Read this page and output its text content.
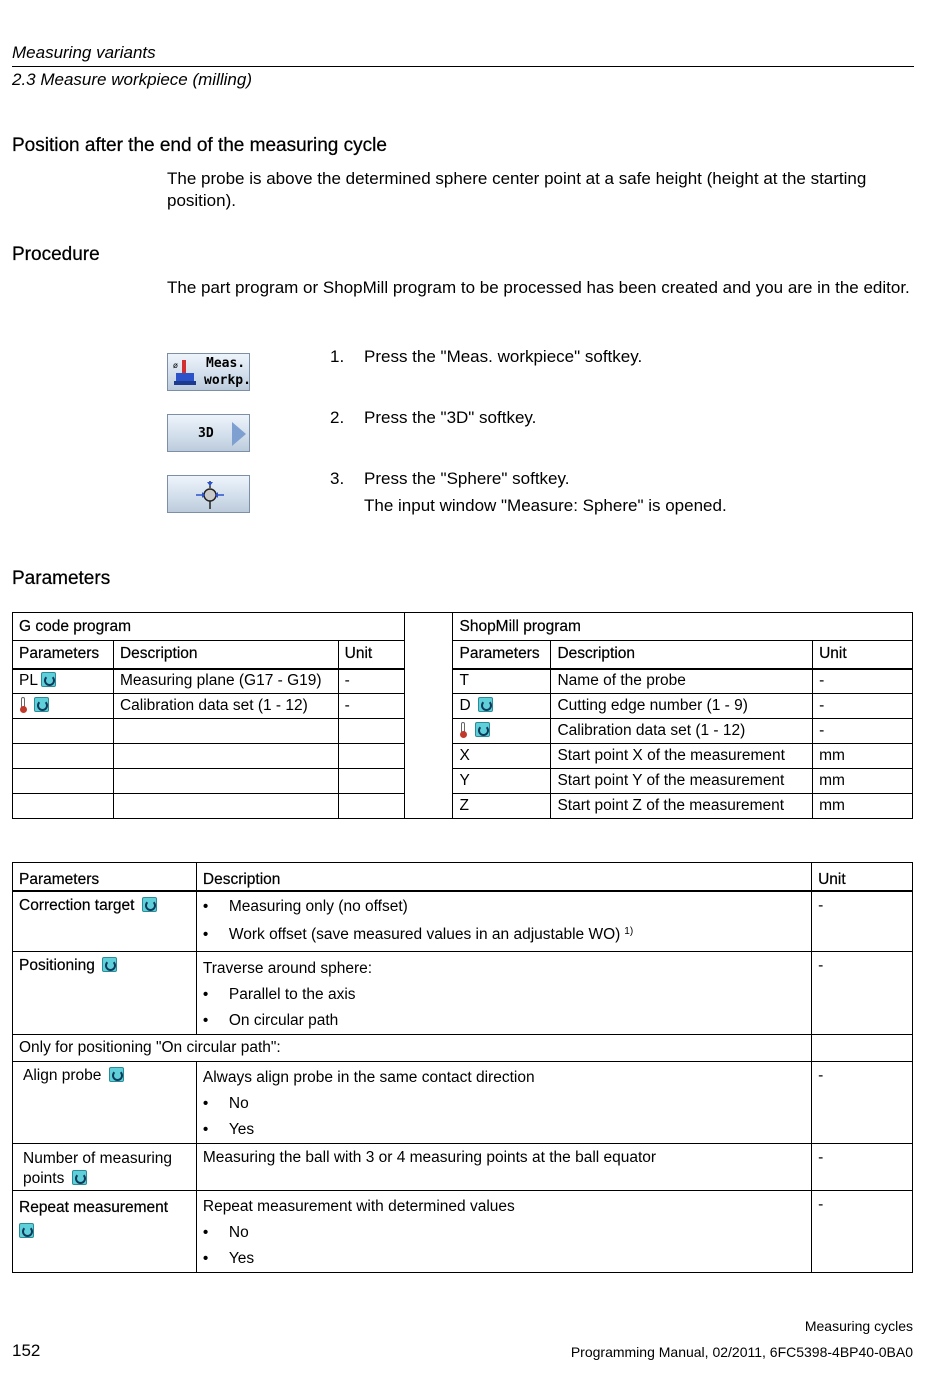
Measuring variants
2.3 Measure workpiece (milling)
Position after the end of the measuring cycle
The probe is above the determined sphere center point at a safe height (height at the starting position).
Procedure
The part program or ShopMill program to be processed has been created and you are in the editor.
ø Meas.
workp.
3D
1. Press the "Meas. workpiece" softkey.
2. Press the "3D" softkey.
3. Press the "Sphere" softkey.
The input window "Measure: Sphere" is opened.
Parameters
G code program				ShopMill program		
Parameters	Description	Unit		Parameters	Description	Unit
PL	Measuring plane (G17 - G19)	-		T	Name of the probe	-
	Calibration data set (1 - 12)	-		D	Cutting edge number (1 - 9)	-
					Calibration data set (1 - 12)	-
				X	Start point X of the measurement	mm
				Y	Start point Y of the measurement	mm
				Z	Start point Z of the measurement	mm
Parameters	Description	Unit
Correction target	• Measuring only (no offset)
• Work offset (save measured values in an adjustable WO) 1)	-
Positioning	Traverse around sphere:
• Parallel to the axis
• On circular path	-
Only for positioning "On circular path":		
Align probe	Always align probe in the same contact direction
• No
• Yes	-
Number of measuring points	Measuring the ball with 3 or 4 measuring points at the ball equator	-
Repeat measurement	Repeat measurement with determined values
• No
• Yes	-
Measuring cycles
152	Programming Manual, 02/2011, 6FC5398-4BP40-0BA0
